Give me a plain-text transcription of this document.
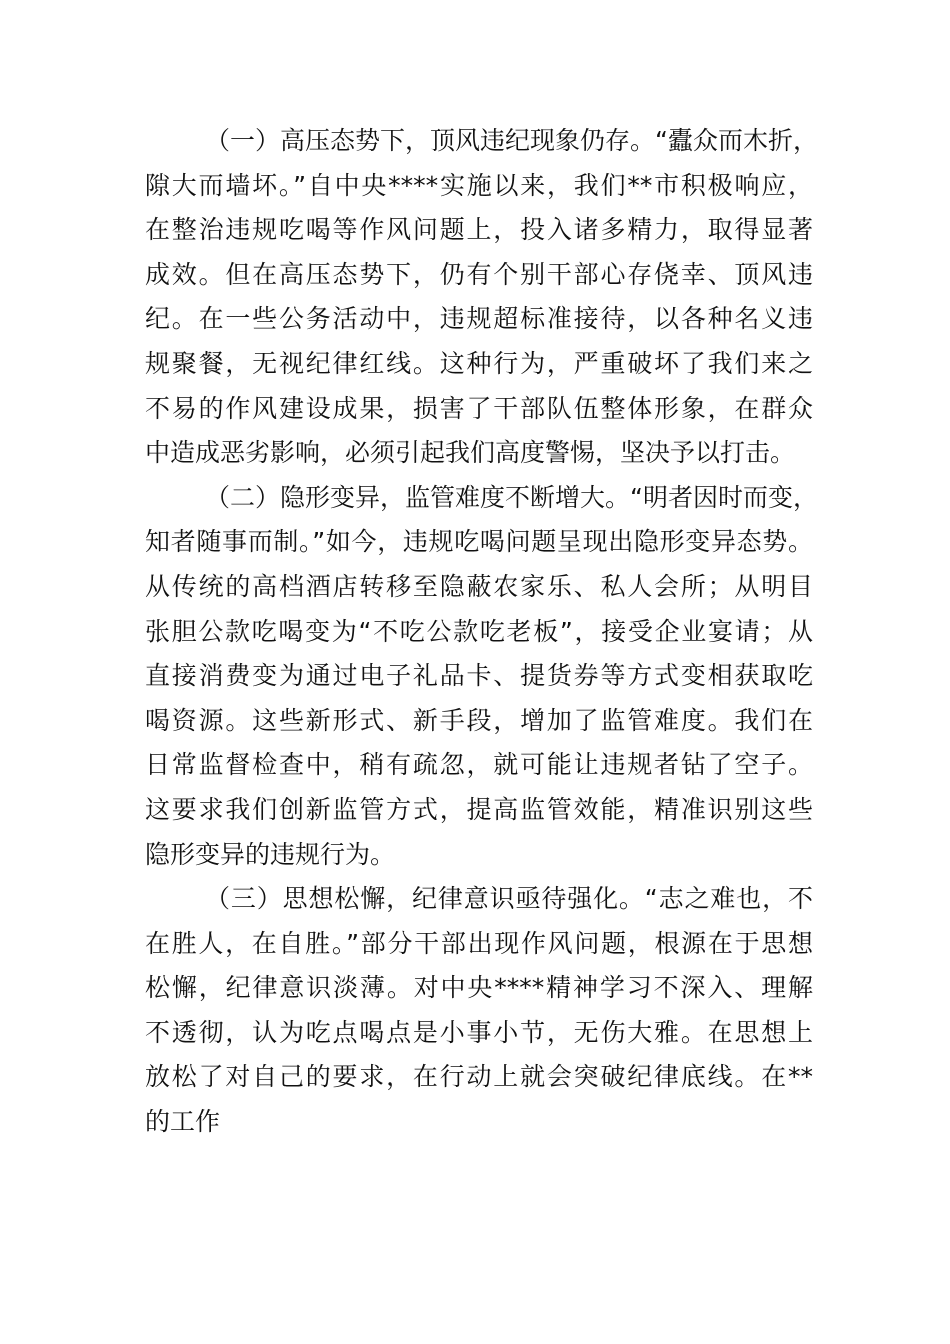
（一）高压态势下，顶风违纪现象仍存。“蠹众而木折，
隙大而墙坏。”自中央****实施以来，我们**市积极响应，
在整治违规吃喝等作风问题上，投入诸多精力，取得显著
成效。但在高压态势下，仍有个别干部心存侥幸、顶风违
纪。在一些公务活动中，违规超标准接待，以各种名义违
规聚餐，无视纪律红线。这种行为，严重破坏了我们来之
不易的作风建设成果，损害了干部队伍整体形象，在群众
中造成恶劣影响，必须引起我们高度警惕，坚决予以打击。
（二）隐形变异，监管难度不断增大。“明者因时而变，
知者随事而制。”如今，违规吃喝问题呈现出隐形变异态势。
从传统的高档酒店转移至隐蔽农家乐、私人会所；从明目
张胆公款吃喝变为“不吃公款吃老板”，接受企业宴请；从
直接消费变为通过电子礼品卡、提货券等方式变相获取吃
喝资源。这些新形式、新手段，增加了监管难度。我们在
日常监督检查中，稍有疏忽，就可能让违规者钻了空子。
这要求我们创新监管方式，提高监管效能，精准识别这些
隐形变异的违规行为。
（三）思想松懈，纪律意识亟待强化。“志之难也，不
在胜人，在自胜。”部分干部出现作风问题，根源在于思想
松懈，纪律意识淡薄。对中央****精神学习不深入、理解
不透彻，认为吃点喝点是小事小节，无伤大雅。在思想上
放松了对自己的要求，在行动上就会突破纪律底线。在**
的工作
